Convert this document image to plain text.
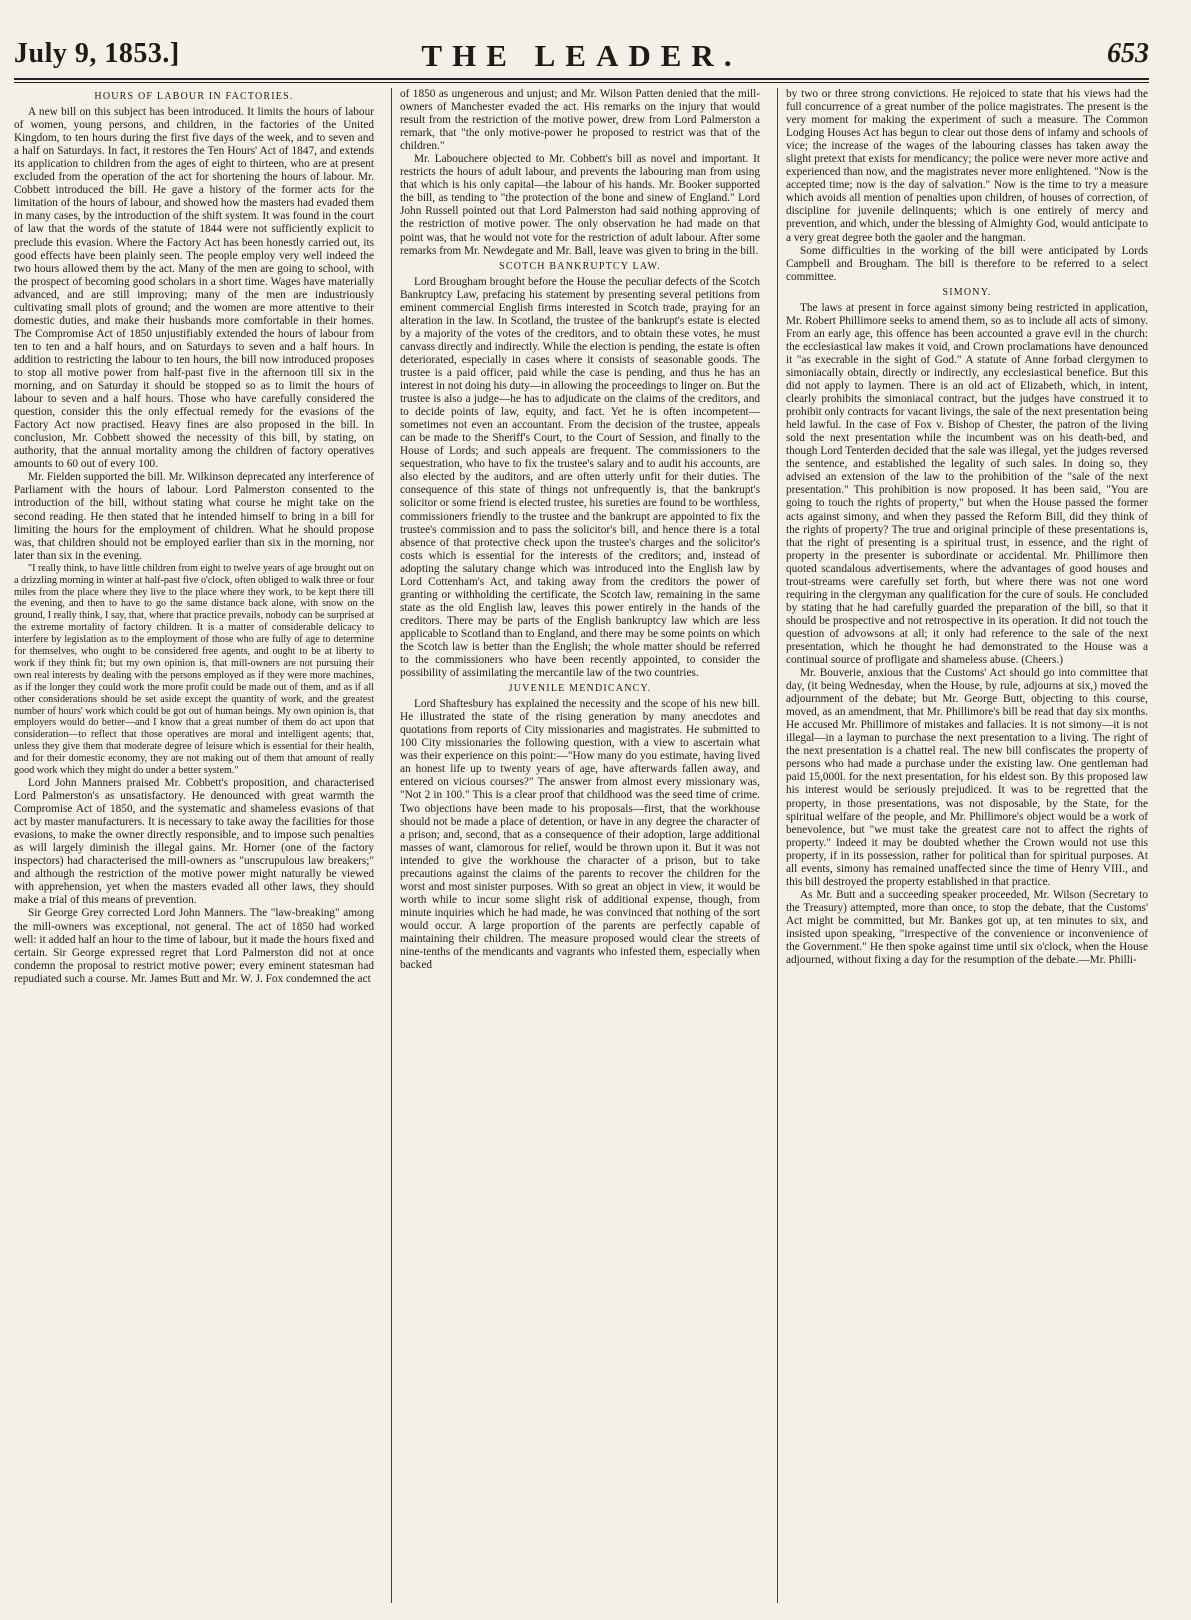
July 9, 1853.]	THE LEADER.	653
HOURS OF LABOUR IN FACTORIES.

A new bill on this subject has been introduced. It limits the hours of labour of women, young persons, and children, in the factories of the United Kingdom, to ten hours during the first five days of the week, and to seven and a half on Saturdays. In fact, it restores the Ten Hours' Act of 1847, and extends its application to children from the ages of eight to thirteen, who are at present excluded from the operation of the act for shortening the hours of labour. Mr. Cobbett introduced the bill. He gave a history of the former acts for the limitation of the hours of labour, and showed how the masters had evaded them in many cases, by the introduction of the shift system. It was found in the court of law that the words of the statute of 1844 were not sufficiently explicit to preclude this evasion. Where the Factory Act has been honestly carried out, its good effects have been plainly seen. The people employ very well indeed the two hours allowed them by the act. Many of the men are going to school, with the prospect of becoming good scholars in a short time. Wages have materially advanced, and are still improving; many of the men are industriously cultivating small plots of ground; and the women are more attentive to their domestic duties, and make their husbands more comfortable in their homes. The Compromise Act of 1850 unjustifiably extended the hours of labour from ten to ten and a half hours, and on Saturdays to seven and a half hours. In addition to restricting the labour to ten hours, the bill now introduced proposes to stop all motive power from half-past five in the afternoon till six in the morning, and on Saturday it should be stopped so as to limit the hours of labour to seven and a half hours. Those who have carefully considered the question, consider this the only effectual remedy for the evasions of the Factory Act now practised. Heavy fines are also proposed in the bill. In conclusion, Mr. Cobbett showed the necessity of this bill, by stating, on authority, that the annual mortality among the children of factory operatives amounts to 60 out of every 100.

Mr. Fielden supported the bill. Mr. Wilkinson deprecated any interference of Parliament with the hours of labour. Lord Palmerston consented to the introduction of the bill, without stating what course he might take on the second reading. He then stated that he intended himself to bring in a bill for limiting the hours for the employment of children. What he should propose was, that children should not be employed earlier than six in the morning, nor later than six in the evening.

"I really think, to have little children from eight to twelve years of age brought out on a drizzling morning in winter at half-past five o'clock, often obliged to walk three or four miles from the place where they live to the place where they work, to be kept there till the evening, and then to have to go the same distance back alone, with snow on the ground, I really think, I say, that, where that practice prevails, nobody can be surprised at the extreme mortality of factory children. It is a matter of considerable delicacy to interfere by legislation as to the employment of those who are fully of age to determine for themselves, who ought to be considered free agents, and ought to be at liberty to work if they think fit; but my own opinion is, that mill-owners are not pursuing their own real interests by dealing with the persons employed as if they were more machines, as if the longer they could work the more profit could be made out of them, and as if all other considerations should be set aside except the quantity of work, and the greatest number of hours' work which could be got out of human beings. My own opinion is, that employers would do better—and I know that a great number of them do act upon that consideration—to reflect that those operatives are moral and intelligent agents; that, unless they give them that moderate degree of leisure which is essential for their health, and for their domestic economy, they are not making out of them that amount of really good work which they might do under a better system."

Lord John Manners praised Mr. Cobbett's proposition, and characterised Lord Palmerston's as unsatisfactory. He denounced with great warmth the Compromise Act of 1850, and the systematic and shameless evasions of that act by master manufacturers. It is necessary to take away the facilities for those evasions, to make the owner directly responsible, and to impose such penalties as will largely diminish the illegal gains. Mr. Horner (one of the factory inspectors) had characterised the mill-owners as "unscrupulous law breakers;" and although the restriction of the motive power might naturally be viewed with apprehension, yet when the masters evaded all other laws, they should make a trial of this means of prevention.

Sir George Grey corrected Lord John Manners. The "law-breaking" among the mill-owners was exceptional, not general. The act of 1850 had worked well: it added half an hour to the time of labour, but it made the hours fixed and certain. Sir George expressed regret that Lord Palmerston did not at once condemn the proposal to restrict motive power; every eminent statesman had repudiated such a course. Mr. James Butt and Mr. W. J. Fox condemned the act

of 1850 as ungenerous and unjust; and Mr. Wilson Patten denied that the mill-owners of Manchester evaded the act. His remarks on the injury that would result from the restriction of the motive power, drew from Lord Palmerston a remark, that "the only motive-power he proposed to restrict was that of the children."

Mr. Labouchere objected to Mr. Cobbett's bill as novel and important. It restricts the hours of adult labour, and prevents the labouring man from using that which is his only capital—the labour of his hands. Mr. Booker supported the bill, as tending to "the protection of the bone and sinew of England." Lord John Russell pointed out that Lord Palmerston had said nothing approving of the restriction of motive power. The only observation he had made on that point was, that he would not vote for the restriction of adult labour. After some remarks from Mr. Newdegate and Mr. Ball, leave was given to bring in the bill.

SCOTCH BANKRUPTCY LAW.

Lord Brougham brought before the House the peculiar defects of the Scotch Bankruptcy Law, prefacing his statement by presenting several petitions from eminent commercial English firms interested in Scotch trade, praying for an alteration in the law. In Scotland, the trustee of the bankrupt's estate is elected by a majority of the votes of the creditors, and to obtain these votes, he must canvass directly and indirectly. While the election is pending, the estate is often deteriorated, especially in cases where it consists of seasonable goods. The trustee is a paid officer, paid while the case is pending, and thus he has an interest in not doing his duty—in allowing the proceedings to linger on. But the trustee is also a judge—he has to adjudicate on the claims of the creditors, and to decide points of law, equity, and fact. Yet he is often incompetent—sometimes not even an accountant. From the decision of the trustee, appeals can be made to the Sheriff's Court, to the Court of Session, and finally to the House of Lords; and such appeals are frequent. The commissioners to the sequestration, who have to fix the trustee's salary and to audit his accounts, are also elected by the auditors, and are often utterly unfit for their duties. The consequence of this state of things not unfrequently is, that the bankrupt's solicitor or some friend is elected trustee, his sureties are found to be worthless, commissioners friendly to the trustee and the bankrupt are appointed to fix the trustee's commission and to pass the solicitor's bill, and hence there is a total absence of that protective check upon the trustee's charges and the solicitor's costs which is essential for the interests of the creditors; and, instead of adopting the salutary change which was introduced into the English law by Lord Cottenham's Act, and taking away from the creditors the power of granting or withholding the certificate, the Scotch law, remaining in the same state as the old English law, leaves this power entirely in the hands of the creditors. There may be parts of the English bankruptcy law which are less applicable to Scotland than to England, and there may be some points on which the Scotch law is better than the English; the whole matter should be referred to the commissioners who have been recently appointed, to consider the possibility of assimilating the mercantile law of the two countries.

JUVENILE MENDICANCY.

Lord Shaftesbury has explained the necessity and the scope of his new bill. He illustrated the state of the rising generation by many anecdotes and quotations from reports of City missionaries and magistrates. He submitted to 100 City missionaries the following question, with a view to ascertain what was their experience on this point:—"How many do you estimate, having lived an honest life up to twenty years of age, have afterwards fallen away, and entered on vicious courses?" The answer from almost every missionary was, "Not 2 in 100." This is a clear proof that childhood was the seed time of crime. Two objections have been made to his proposals—first, that the workhouse should not be made a place of detention, or have in any degree the character of a prison; and, second, that as a consequence of their adoption, large additional masses of want, clamorous for relief, would be thrown upon it. But it was not intended to give the workhouse the character of a prison, but to take precautions against the claims of the parents to recover the children for the worst and most sinister purposes. With so great an object in view, it would be worth while to incur some slight risk of additional expense, though, from minute inquiries which he had made, he was convinced that nothing of the sort would occur. A large proportion of the parents are perfectly capable of maintaining their children. The measure proposed would clear the streets of nine-tenths of the mendicants and vagrants who infested them, especially when backed

by two or three strong convictions. He rejoiced to state that his views had the full concurrence of a great number of the police magistrates. The present is the very moment for making the experiment of such a measure. The Common Lodging Houses Act has begun to clear out those dens of infamy and schools of vice; the increase of the wages of the labouring classes has taken away the slight pretext that exists for mendicancy; the police were never more active and experienced than now, and the magistrates never more enlightened. "Now is the accepted time; now is the day of salvation." Now is the time to try a measure which avoids all mention of penalties upon children, of houses of correction, of discipline for juvenile delinquents; which is one entirely of mercy and prevention, and which, under the blessing of Almighty God, would anticipate to a very great degree both the gaoler and the hangman.

Some difficulties in the working of the bill were anticipated by Lords Campbell and Brougham. The bill is therefore to be referred to a select committee.

SIMONY.

The laws at present in force against simony being restricted in application, Mr. Robert Phillimore seeks to amend them, so as to include all acts of simony. From an early age, this offence has been accounted a grave evil in the church: the ecclesiastical law makes it void, and Crown proclamations have denounced it "as execrable in the sight of God." A statute of Anne forbad clergymen to simoniacally obtain, directly or indirectly, any ecclesiastical benefice. But this did not apply to laymen. There is an old act of Elizabeth, which, in intent, clearly prohibits the simoniacal contract, but the judges have construed it to prohibit only contracts for vacant livings, the sale of the next presentation being held lawful. In the case of Fox v. Bishop of Chester, the patron of the living sold the next presentation while the incumbent was on his death-bed, and though Lord Tenterden decided that the sale was illegal, yet the judges reversed the sentence, and established the legality of such sales. In doing so, they advised an extension of the law to the prohibition of the "sale of the next presentation." This prohibition is now proposed. It has been said, "You are going to touch the rights of property," but when the House passed the former acts against simony, and when they passed the Reform Bill, did they think of the rights of property? The true and original principle of these presentations is, that the right of presenting is a spiritual trust, in essence, and the right of property in the presenter is subordinate or accidental. Mr. Phillimore then quoted scandalous advertisements, where the advantages of good houses and trout-streams were carefully set forth, but where there was not one word requiring in the clergyman any qualification for the cure of souls. He concluded by stating that he had carefully guarded the preparation of the bill, so that it should be prospective and not retrospective in its operation. It did not touch the question of advowsons at all; it only had reference to the sale of the next presentation, which he thought he had demonstrated to the House was a continual source of profligate and shameless abuse. (Cheers.)

Mr. Bouverie, anxious that the Customs' Act should go into committee that day, (it being Wednesday, when the House, by rule, adjourns at six,) moved the adjournment of the debate; but Mr. George Butt, objecting to this course, moved, as an amendment, that Mr. Phillimore's bill be read that day six months. He accused Mr. Phillimore of mistakes and fallacies. It is not simony—it is not illegal—in a layman to purchase the next presentation to a living. The right of the next presentation is a chattel real. The new bill confiscates the property of persons who had made a purchase under the existing law. One gentleman had paid 15,000l. for the next presentation, for his eldest son. By this proposed law his interest would be seriously prejudiced. It was to be regretted that the property, in those presentations, was not disposable, by the State, for the spiritual welfare of the people, and Mr. Phillimore's object would be a work of benevolence, but "we must take the greatest care not to affect the rights of property." Indeed it may be doubted whether the Crown would not use this property, if in its possession, rather for political than for spiritual purposes. At all events, simony has remained unaffected since the time of Henry VIII., and this bill destroyed the property established in that practice.

As Mr. Butt and a succeeding speaker proceeded, Mr. Wilson (Secretary to the Treasury) attempted, more than once, to stop the debate, that the Customs' Act might be committed, but Mr. Bankes got up, at ten minutes to six, and insisted upon speaking, "irrespective of the convenience or inconvenience of the Government." He then spoke against time until six o'clock, when the House adjourned, without fixing a day for the resumption of the debate.—Mr. Philli-
